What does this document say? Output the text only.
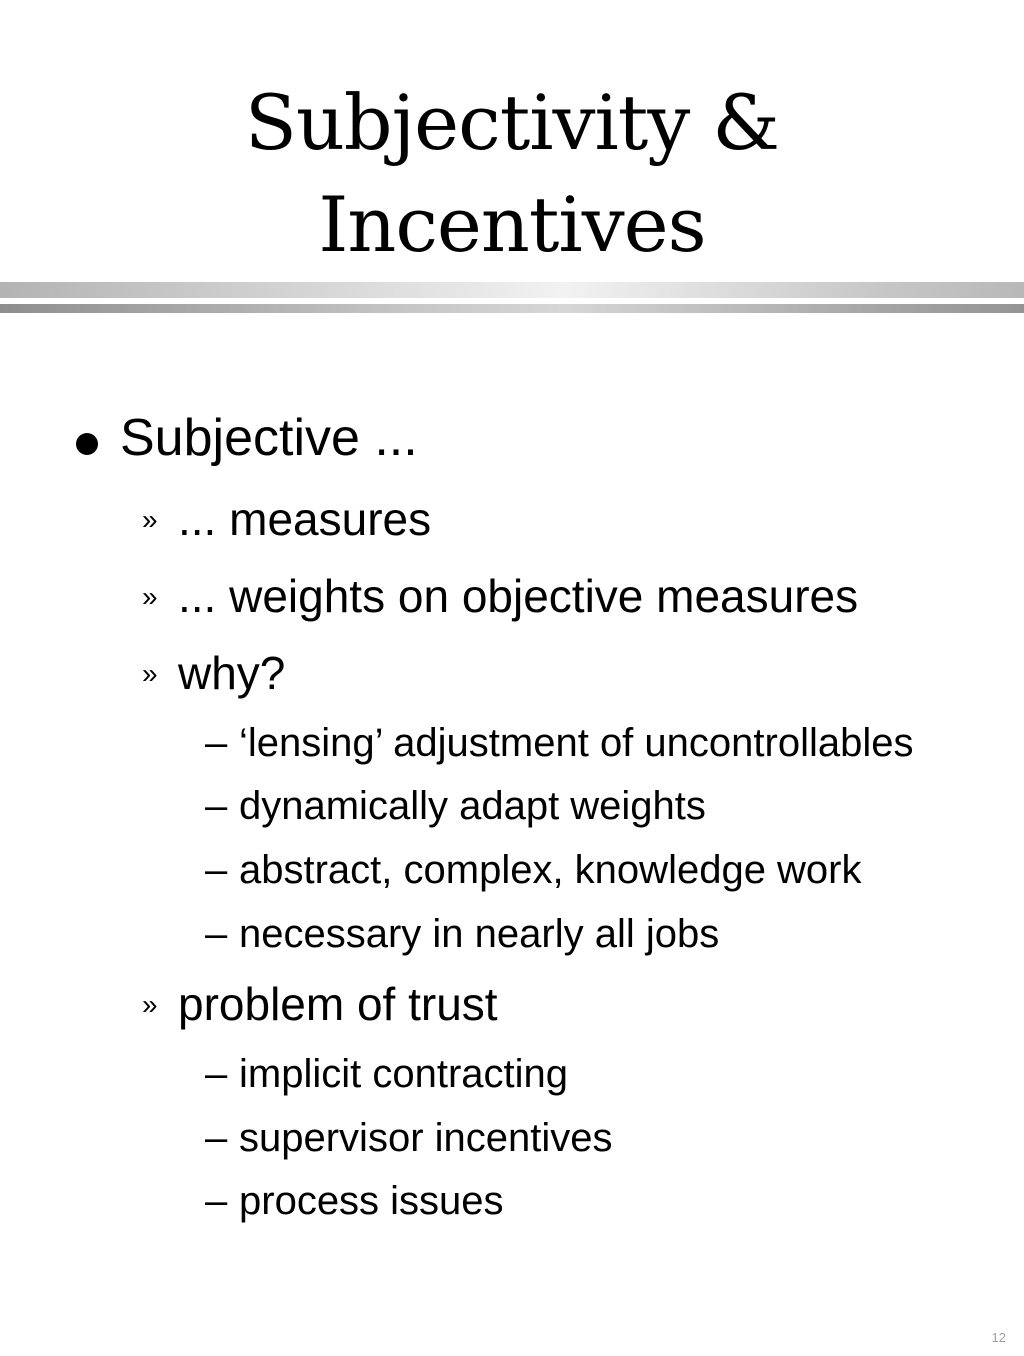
Subjectivity &
Incentives
Subjective ...
» ... measures
» ... weights on objective measures
» why?
– ‘lensing’ adjustment of uncontrollables
– dynamically adapt weights
– abstract, complex, knowledge work
– necessary in nearly all jobs
» problem of trust
– implicit contracting
– supervisor incentives
– process issues
12
